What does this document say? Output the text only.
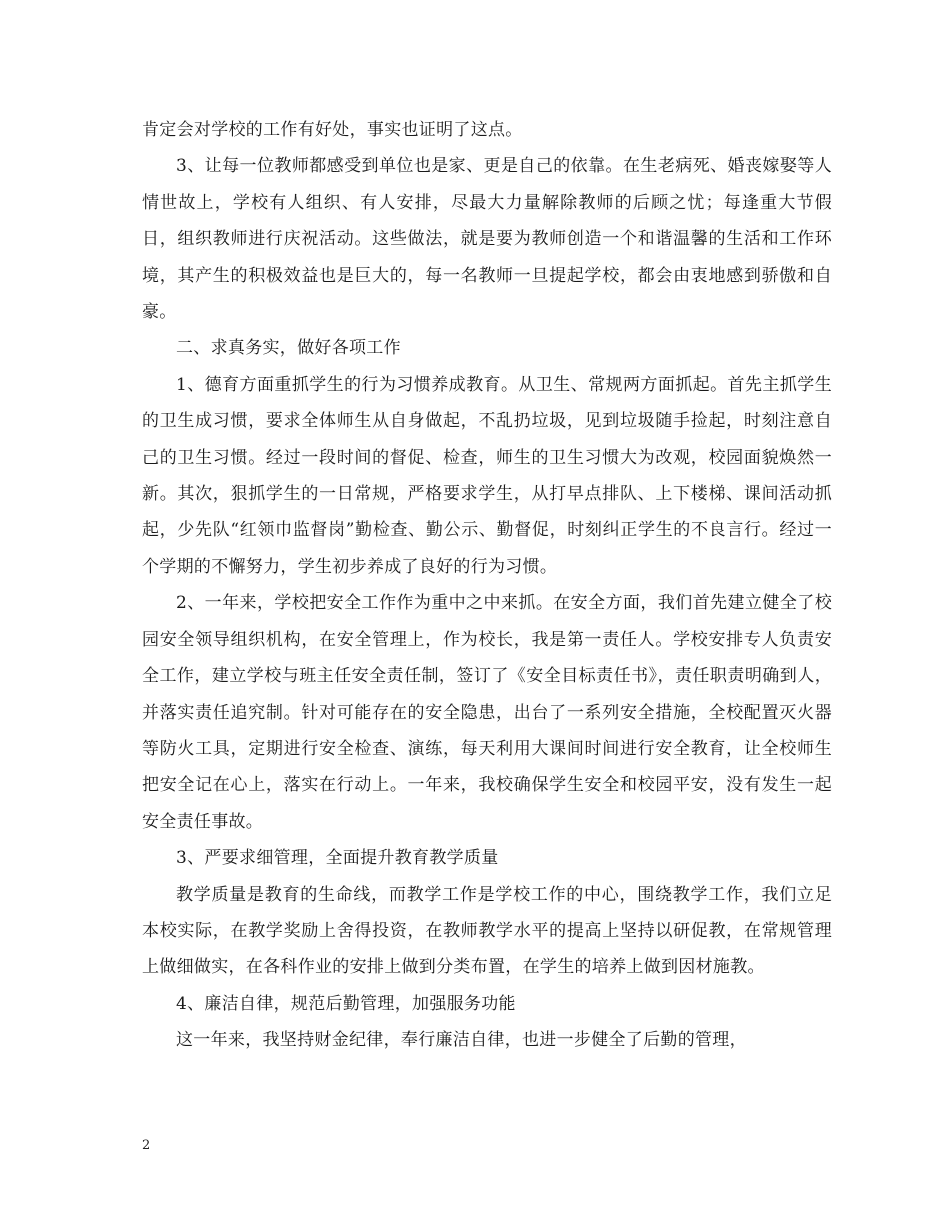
肯定会对学校的工作有好处，事实也证明了这点。

3、让每一位教师都感受到单位也是家、更是自己的依靠。在生老病死、婚丧嫁娶等人情世故上，学校有人组织、有人安排，尽最大力量解除教师的后顾之忧；每逢重大节假日，组织教师进行庆祝活动。这些做法，就是要为教师创造一个和谐温馨的生活和工作环境，其产生的积极效益也是巨大的，每一名教师一旦提起学校，都会由衷地感到骄傲和自豪。

二、求真务实，做好各项工作

1、德育方面重抓学生的行为习惯养成教育。从卫生、常规两方面抓起。首先主抓学生的卫生成习惯，要求全体师生从自身做起，不乱扔垃圾，见到垃圾随手捡起，时刻注意自己的卫生习惯。经过一段时间的督促、检查，师生的卫生习惯大为改观，校园面貌焕然一新。其次，狠抓学生的一日常规，严格要求学生，从打早点排队、上下楼梯、课间活动抓起，少先队“红领巾监督岗”勤检查、勤公示、勤督促，时刻纠正学生的不良言行。经过一个学期的不懈努力，学生初步养成了良好的行为习惯。

2、一年来，学校把安全工作作为重中之中来抓。在安全方面，我们首先建立健全了校园安全领导组织机构，在安全管理上，作为校长，我是第一责任人。学校安排专人负责安全工作，建立学校与班主任安全责任制，签订了《安全目标责任书》，责任职责明确到人，并落实责任追究制。针对可能存在的安全隐患，出台了一系列安全措施，全校配置灭火器等防火工具，定期进行安全检查、演练，每天利用大课间时间进行安全教育，让全校师生把安全记在心上，落实在行动上。一年来，我校确保学生安全和校园平安，没有发生一起安全责任事故。

3、严要求细管理，全面提升教育教学质量

教学质量是教育的生命线，而教学工作是学校工作的中心，围绕教学工作，我们立足本校实际，在教学奖励上舍得投资，在教师教学水平的提高上坚持以研促教，在常规管理上做细做实，在各科作业的安排上做到分类布置，在学生的培养上做到因材施教。

4、廉洁自律，规范后勤管理，加强服务功能

这一年来，我坚持财金纪律，奉行廉洁自律，也进一步健全了后勤的管理，

2
